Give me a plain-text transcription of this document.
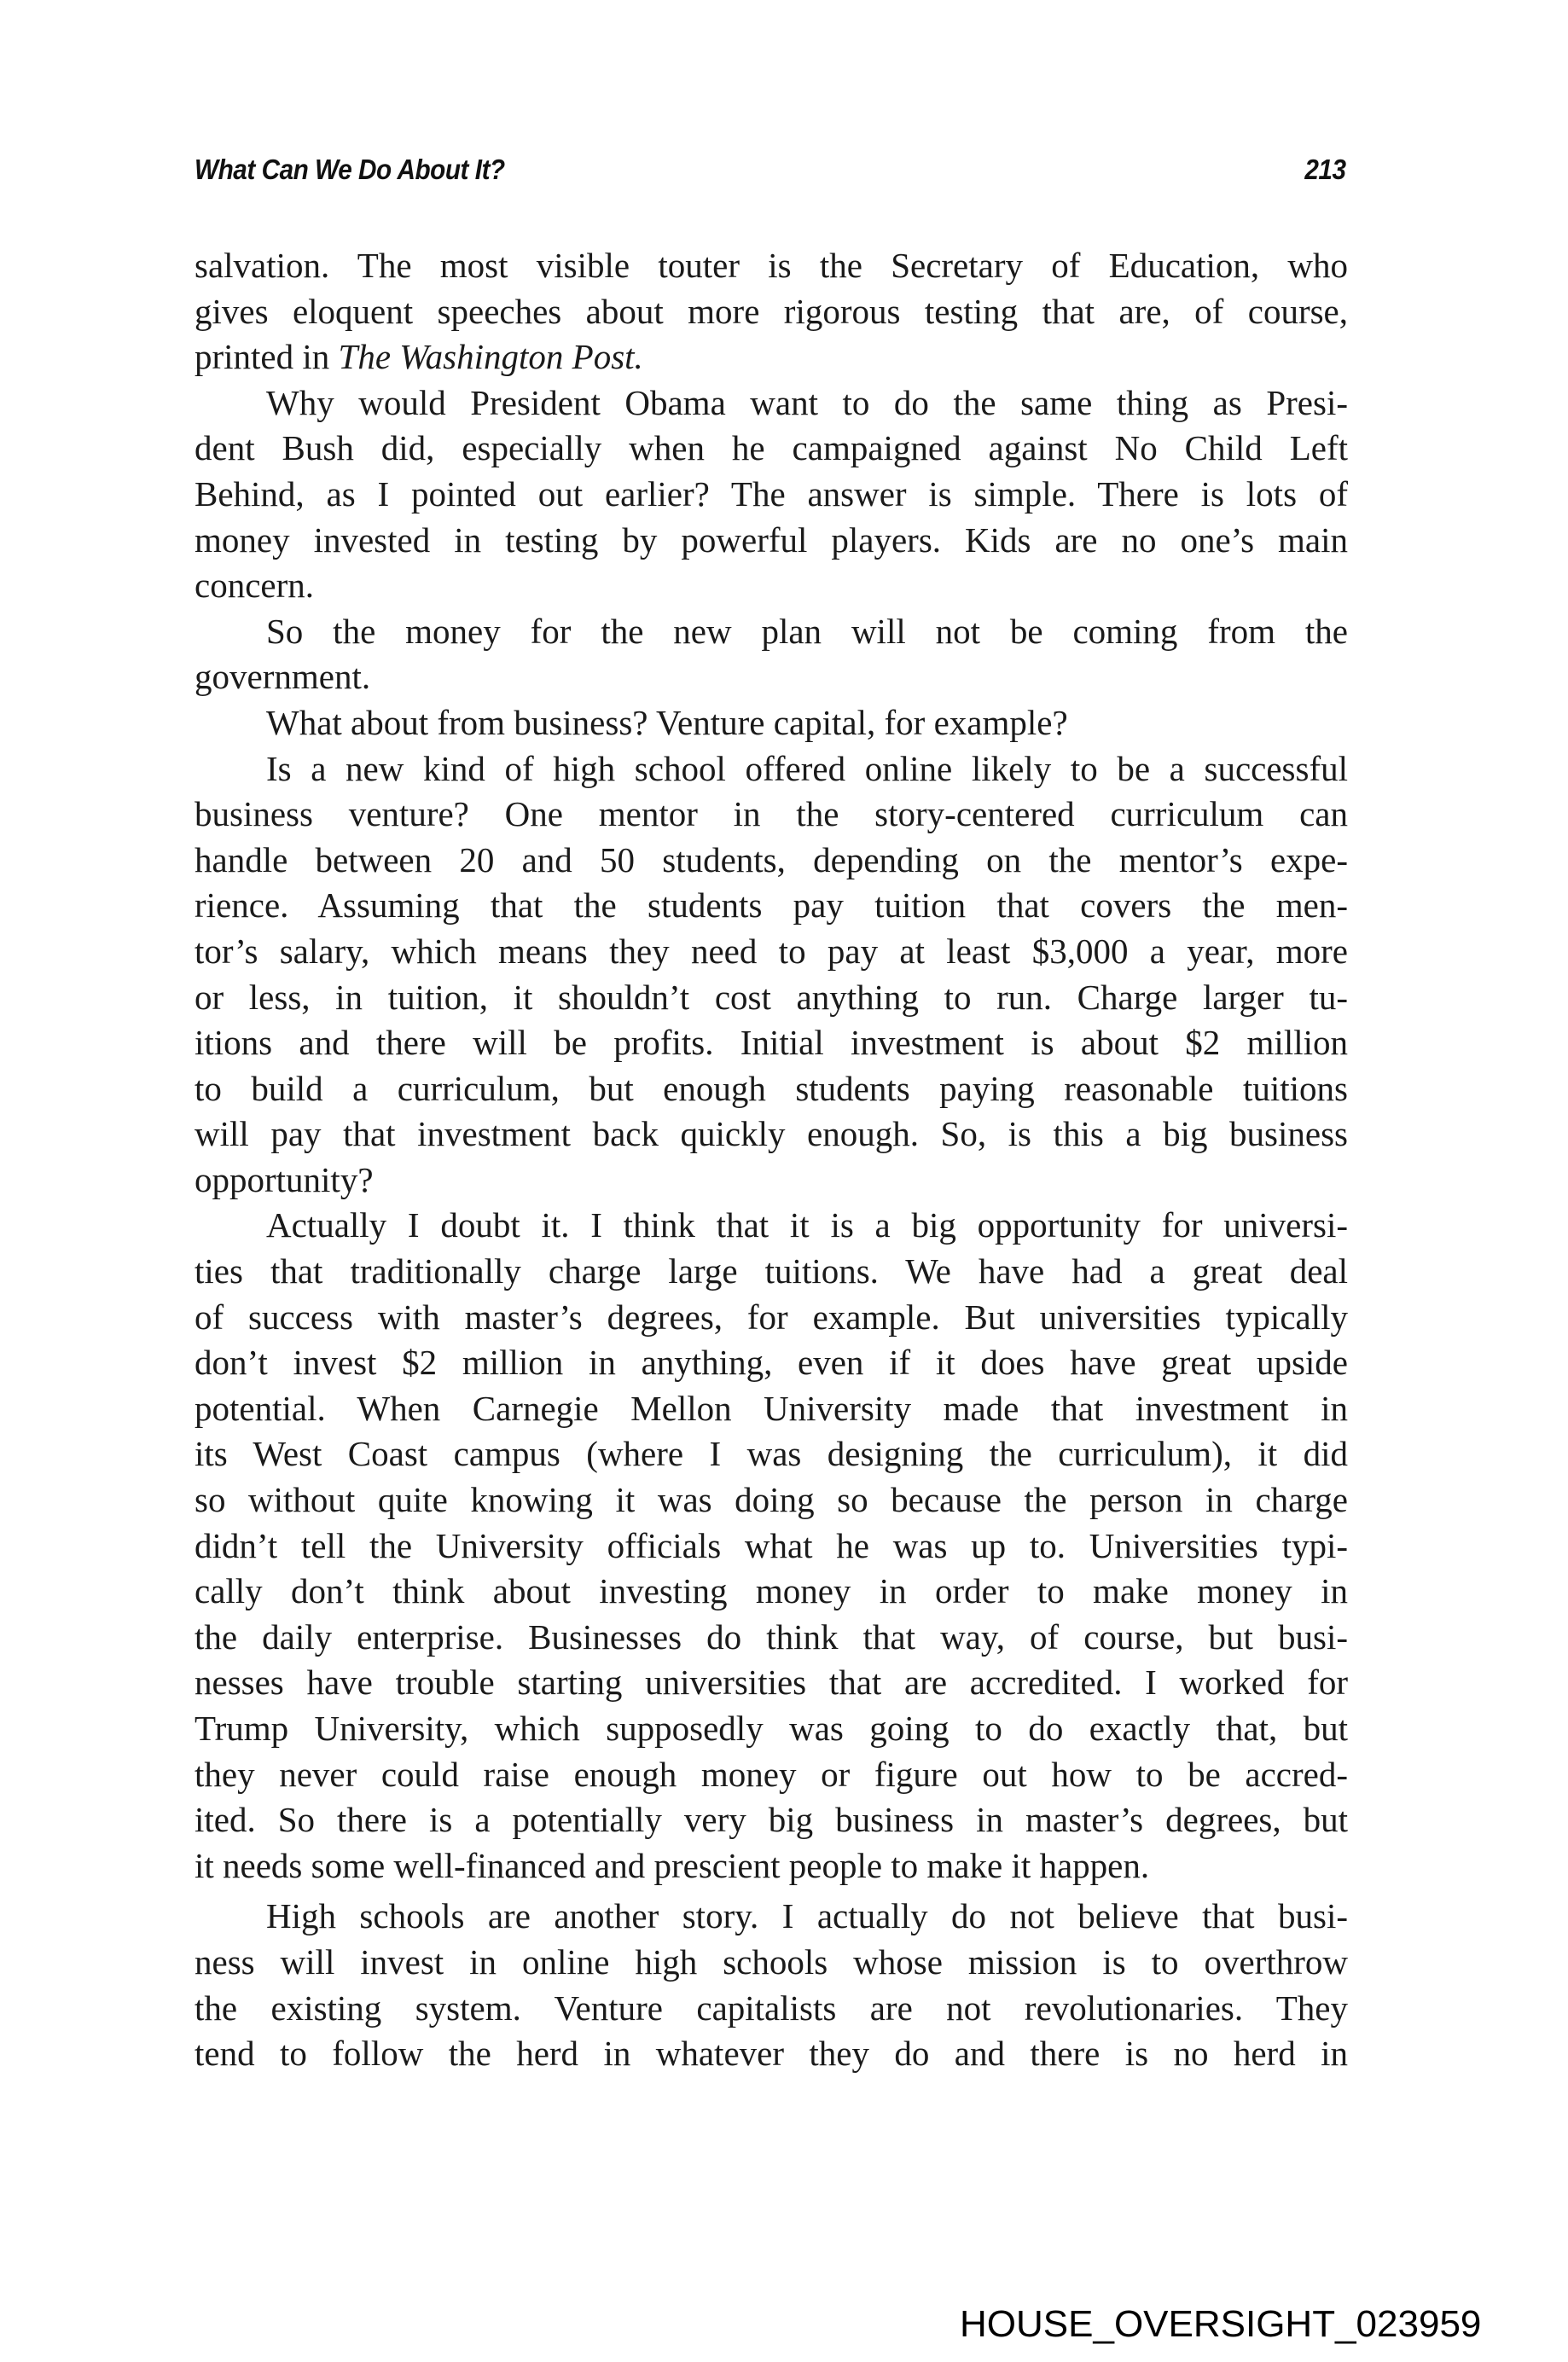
What Can We Do About It?	213
salvation. The most visible touter is the Secretary of Education, who
gives eloquent speeches about more rigorous testing that are, of course,
printed in The Washington Post.
Why would President Obama want to do the same thing as Presi-
dent Bush did, especially when he campaigned against No Child Left
Behind, as I pointed out earlier? The answer is simple. There is lots of
money invested in testing by powerful players. Kids are no one’s main
concern.
So the money for the new plan will not be coming from the
government.
What about from business? Venture capital, for example?
Is a new kind of high school offered online likely to be a successful
business venture? One mentor in the story-centered curriculum can
handle between 20 and 50 students, depending on the mentor’s expe-
rience. Assuming that the students pay tuition that covers the men-
tor’s salary, which means they need to pay at least $3,000 a year, more
or less, in tuition, it shouldn’t cost anything to run. Charge larger tu-
itions and there will be profits. Initial investment is about $2 million
to build a curriculum, but enough students paying reasonable tuitions
will pay that investment back quickly enough. So, is this a big business
opportunity?
Actually I doubt it. I think that it is a big opportunity for universi-
ties that traditionally charge large tuitions. We have had a great deal
of success with master’s degrees, for example. But universities typically
don’t invest $2 million in anything, even if it does have great upside
potential. When Carnegie Mellon University made that investment in
its West Coast campus (where I was designing the curriculum), it did
so without quite knowing it was doing so because the person in charge
didn’t tell the University officials what he was up to. Universities typi-
cally don’t think about investing money in order to make money in
the daily enterprise. Businesses do think that way, of course, but busi-
nesses have trouble starting universities that are accredited. I worked for
Trump University, which supposedly was going to do exactly that, but
they never could raise enough money or figure out how to be accred-
ited. So there is a potentially very big business in master’s degrees, but
it needs some well-financed and prescient people to make it happen.
High schools are another story. I actually do not believe that busi-
ness will invest in online high schools whose mission is to overthrow
the existing system. Venture capitalists are not revolutionaries. They
tend to follow the herd in whatever they do and there is no herd in
HOUSE_OVERSIGHT_023959
